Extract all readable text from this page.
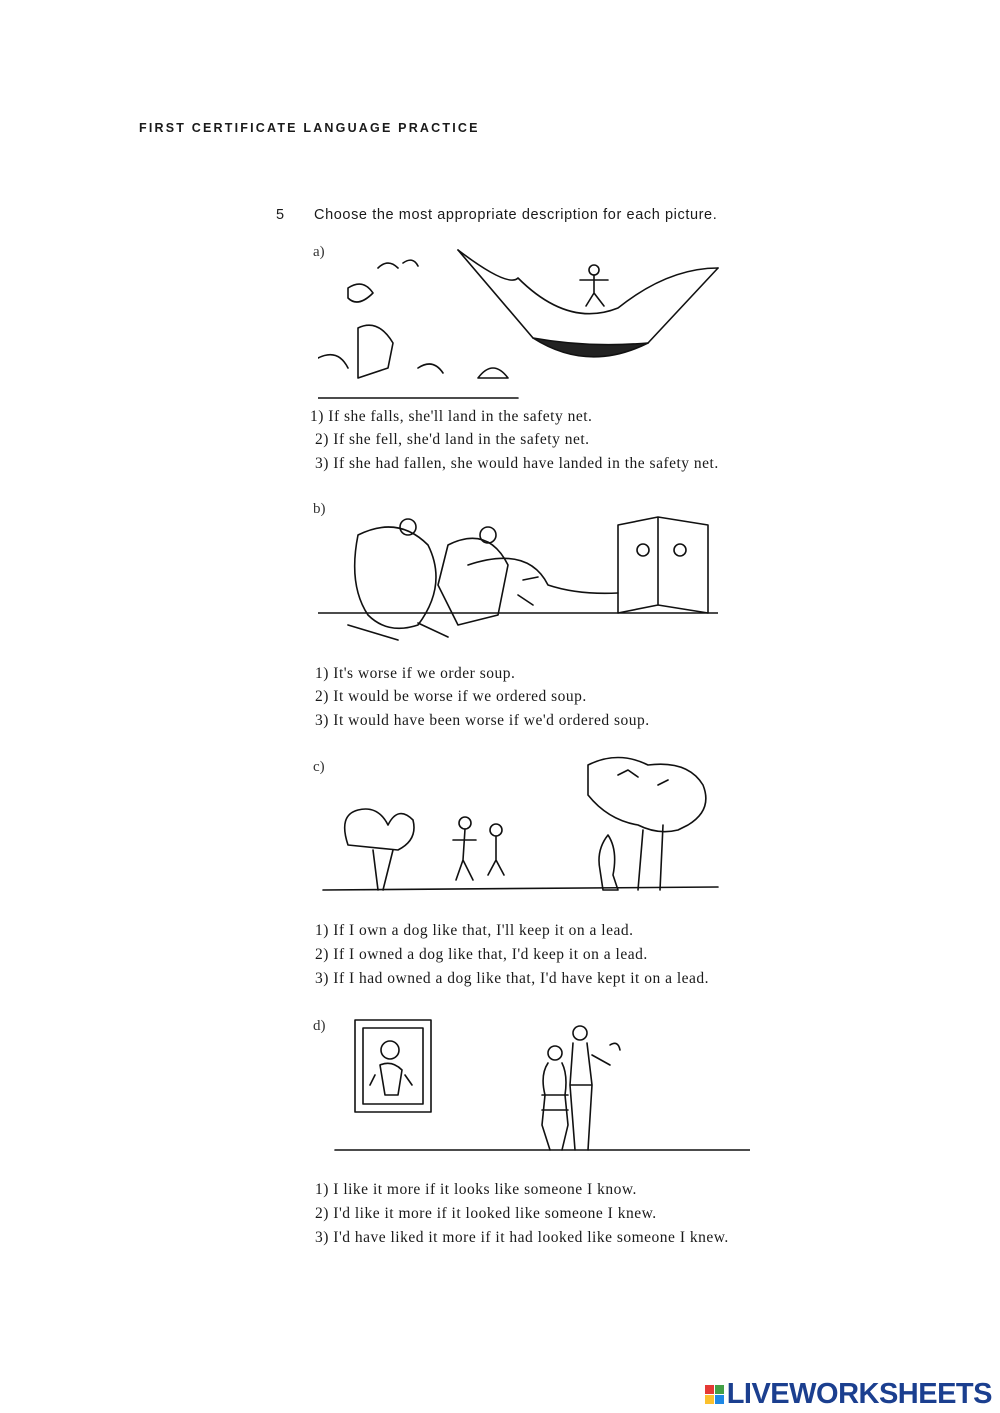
FIRST CERTIFICATE LANGUAGE PRACTICE
5 Choose the most appropriate description for each picture.
a)
1) If she falls, she'll land in the safety net.
2) If she fell, she'd land in the safety net.
3) If she had fallen, she would have landed in the safety net.
b)
1) It's worse if we order soup.
2) It would be worse if we ordered soup.
3) It would have been worse if we'd ordered soup.
c)
1) If I own a dog like that, I'll keep it on a lead.
2) If I owned a dog like that, I'd keep it on a lead.
3) If I had owned a dog like that, I'd have kept it on a lead.
d)
1) I like it more if it looks like someone I know.
2) I'd like it more if it looked like someone I knew.
3) I'd have liked it more if it had looked like someone I knew.
LIVEWORKSHEETS
